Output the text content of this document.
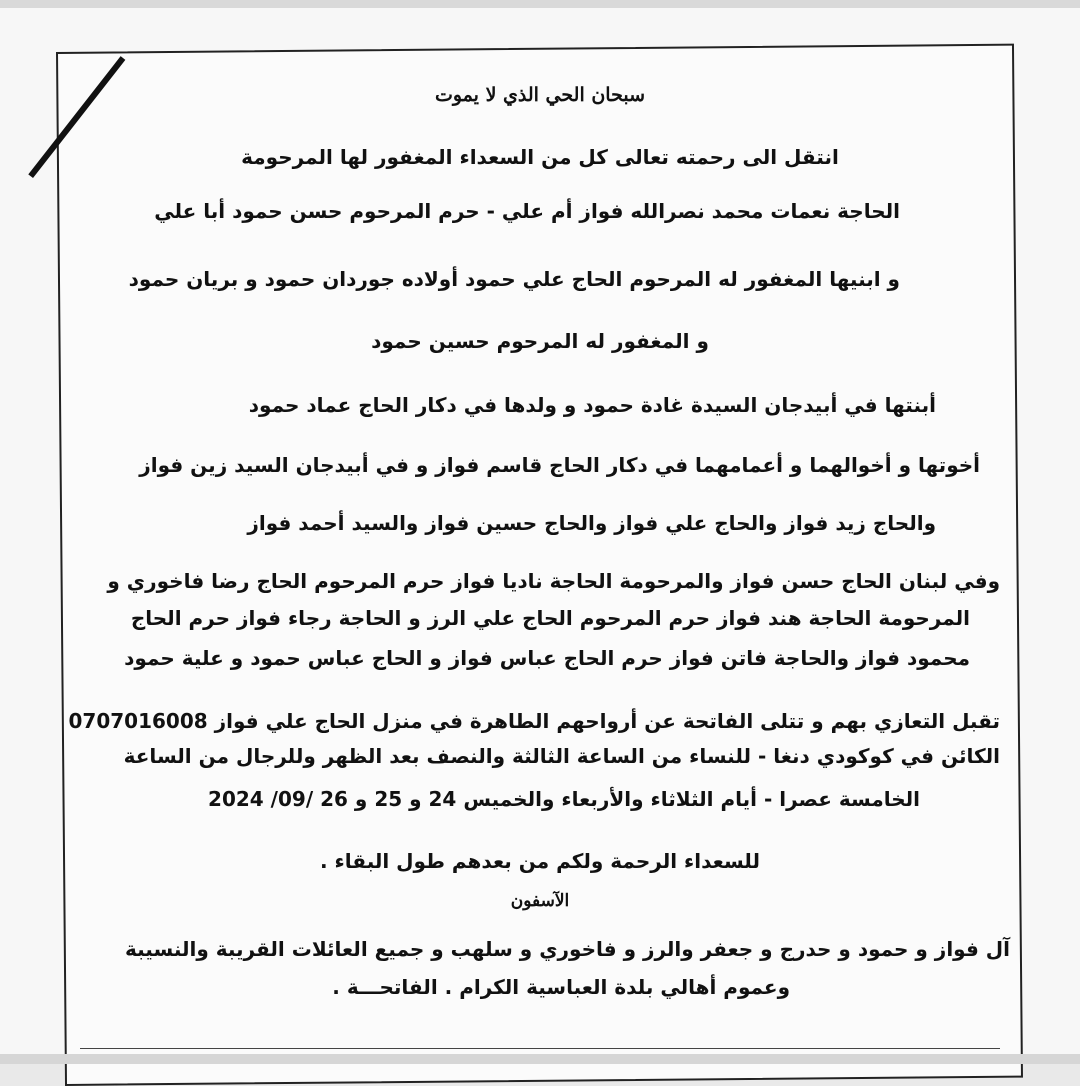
سبحان الحي الذي لا يموت
انتقل الى رحمته تعالى كل من السعداء المغفور لها المرحومة
الحاجة نعمات محمد نصرالله فواز أم علي - حرم المرحوم حسن حمود أبا علي
و ابنيها المغفور له المرحوم الحاج علي حمود أولاده جوردان حمود و بريان حمود
و المغفور له المرحوم حسين حمود
أبنتها في أبيدجان السيدة غادة حمود و ولدها في دكار الحاج عماد حمود
أخوتها و أخوالهما و أعمامهما في دكار الحاج قاسم فواز و في أبيدجان السيد زين فواز
والحاج زيد فواز والحاج علي فواز والحاج حسين فواز والسيد أحمد فواز
وفي لبنان الحاج حسن فواز والمرحومة الحاجة ناديا فواز حرم المرحوم الحاج رضا فاخوري و
المرحومة الحاجة هند فواز حرم المرحوم الحاج علي الرز و الحاجة رجاء فواز حرم الحاج
محمود فواز والحاجة فاتن فواز حرم الحاج عباس فواز و الحاج عباس حمود و علية حمود
تقبل التعازي بهم و تتلى الفاتحة عن أرواحهم الطاهرة في منزل الحاج علي فواز 0707016008
الكائن في كوكودي دنغا - للنساء من الساعة الثالثة والنصف بعد الظهر وللرجال من الساعة
الخامسة عصرا - أيام الثلاثاء والأربعاء والخميس 24 و 25 و 26 /09/ 2024
للسعداء الرحمة ولكم من بعدهم طول البقاء .
الآسفون
آل فواز و حمود و حدرج و جعفر والرز و فاخوري و سلهب و جميع العائلات القريبة والنسيبة
وعموم أهالي بلدة العباسية الكرام . الفاتحـــة .
